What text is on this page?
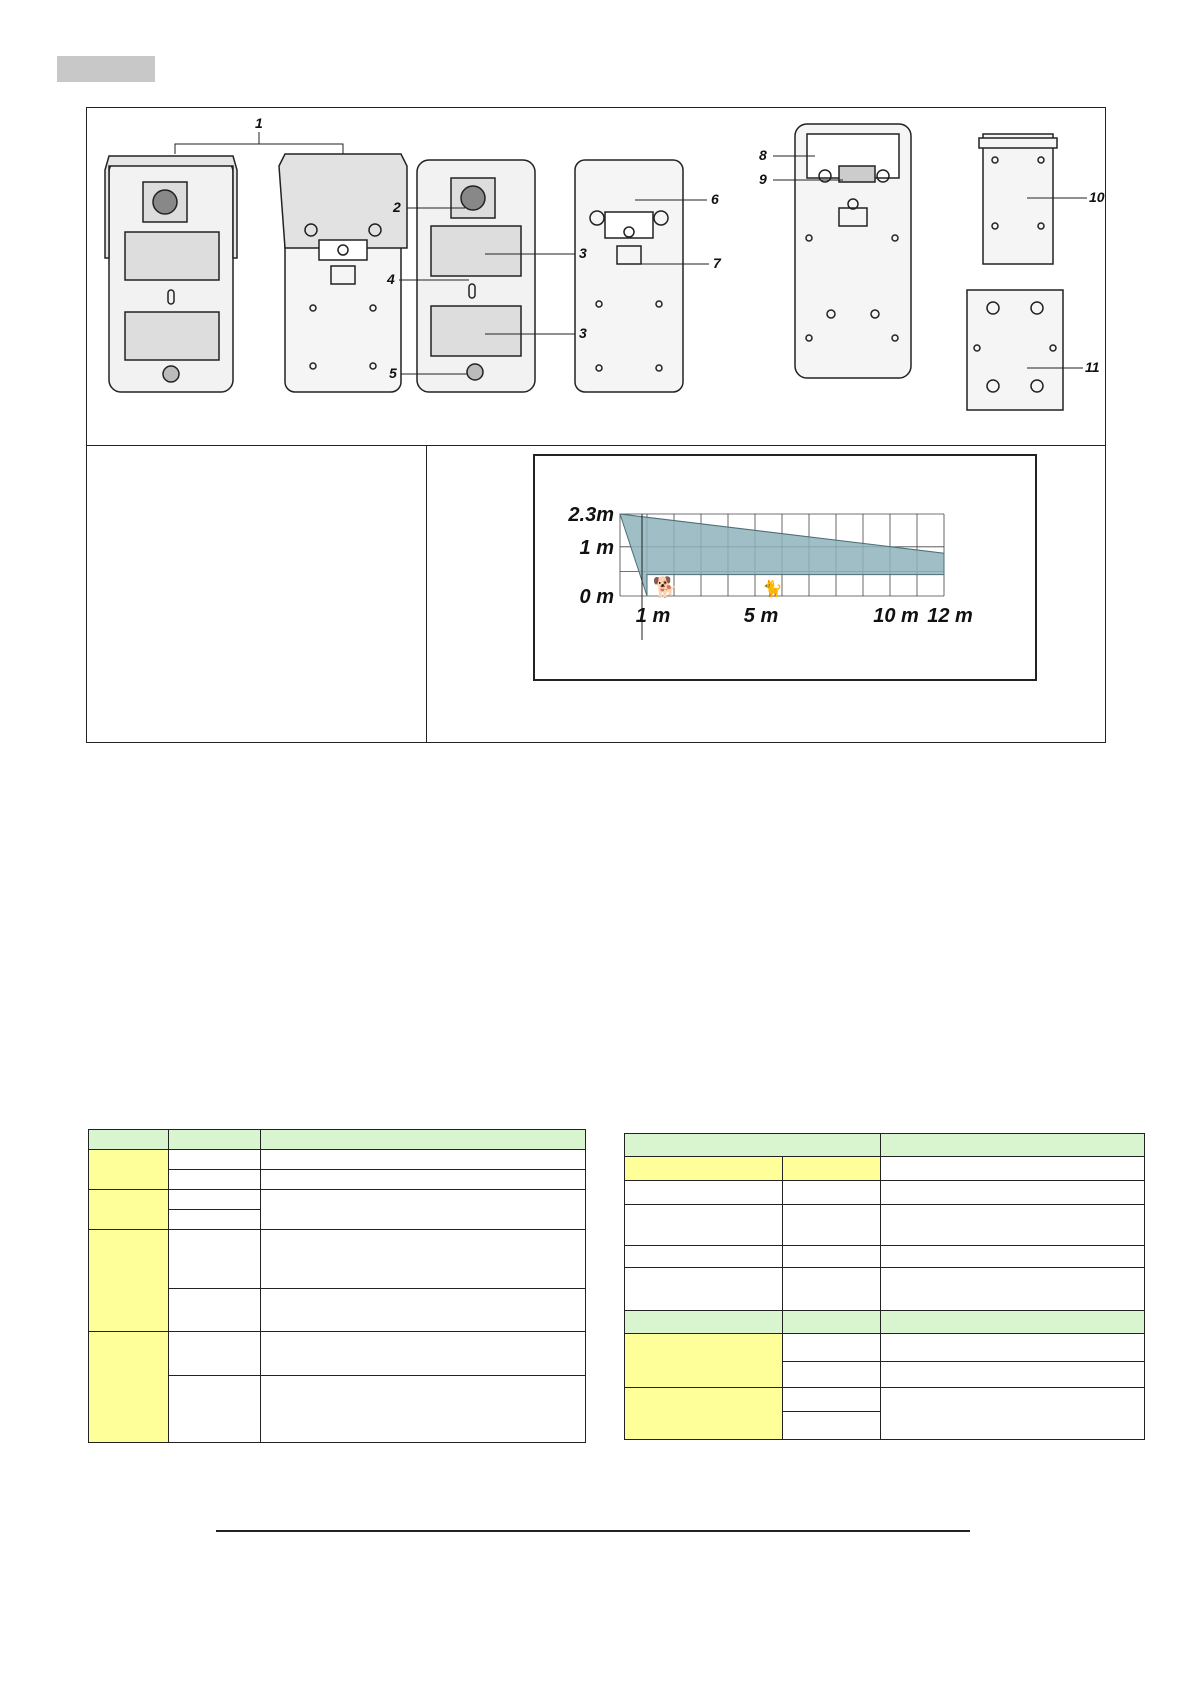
1
2
3
4
3
5
6
7
8
9
10
11
2.3m
1 m
0 m
1 m	5 m	10 m 12 m
🐕	🐈
